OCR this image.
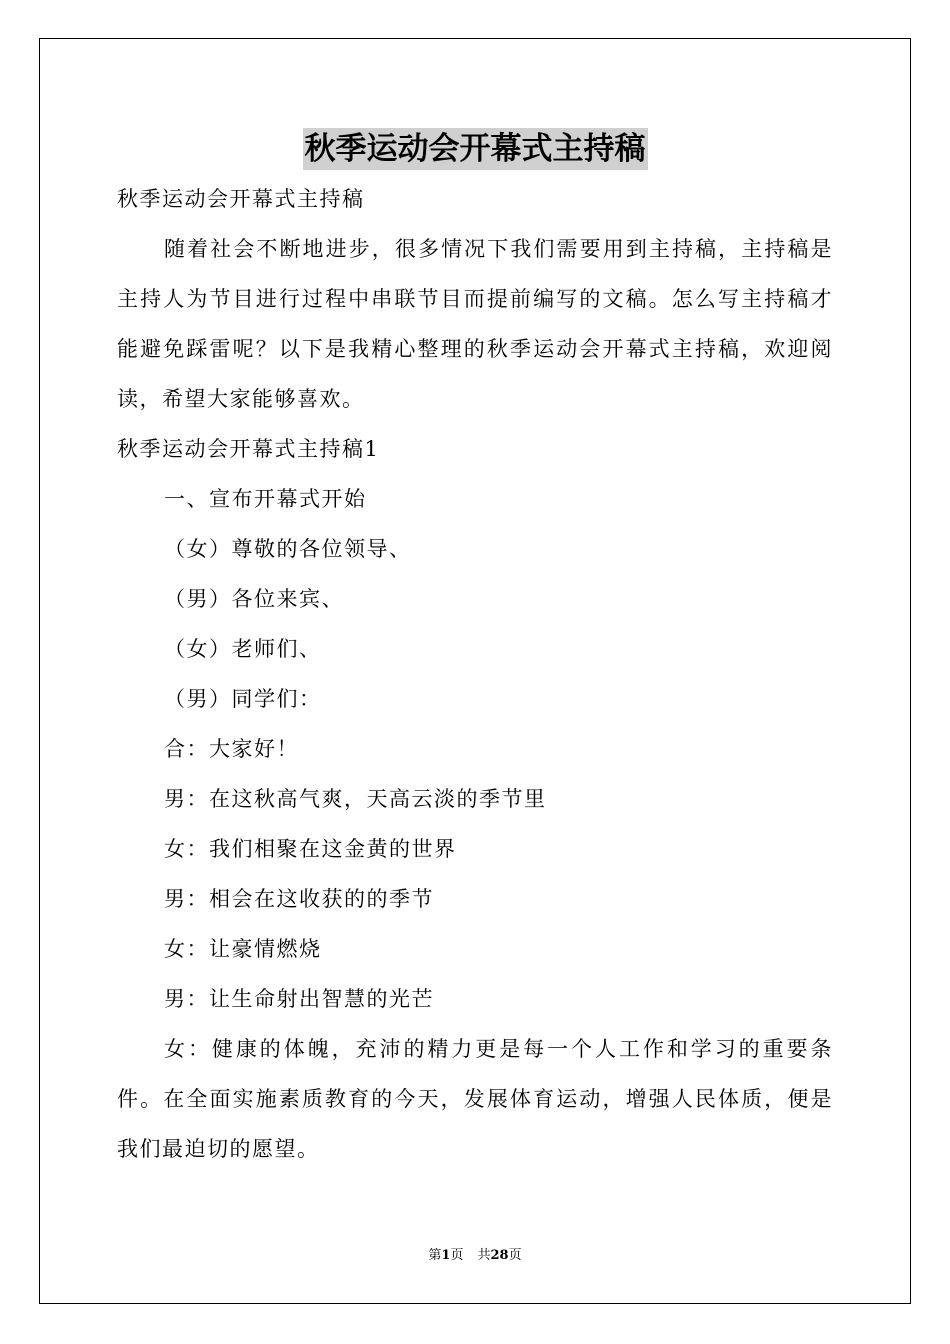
秋季运动会开幕式主持稿

秋季运动会开幕式主持稿

随着社会不断地进步，很多情况下我们需要用到主持稿，主持稿是主持人为节目进行过程中串联节目而提前编写的文稿。怎么写主持稿才能避免踩雷呢？以下是我精心整理的秋季运动会开幕式主持稿，欢迎阅读，希望大家能够喜欢。

秋季运动会开幕式主持稿1

一、宣布开幕式开始

（女）尊敬的各位领导、

（男）各位来宾、

（女）老师们、

（男）同学们：

合：大家好！

男：在这秋高气爽，天高云淡的季节里

女：我们相聚在这金黄的世界

男：相会在这收获的的季节

女：让豪情燃烧

男：让生命射出智慧的光芒

女：健康的体魄，充沛的精力更是每一个人工作和学习的重要条件。在全面实施素质教育的今天，发展体育运动，增强人民体质，便是我们最迫切的愿望。

第1页 共28页
